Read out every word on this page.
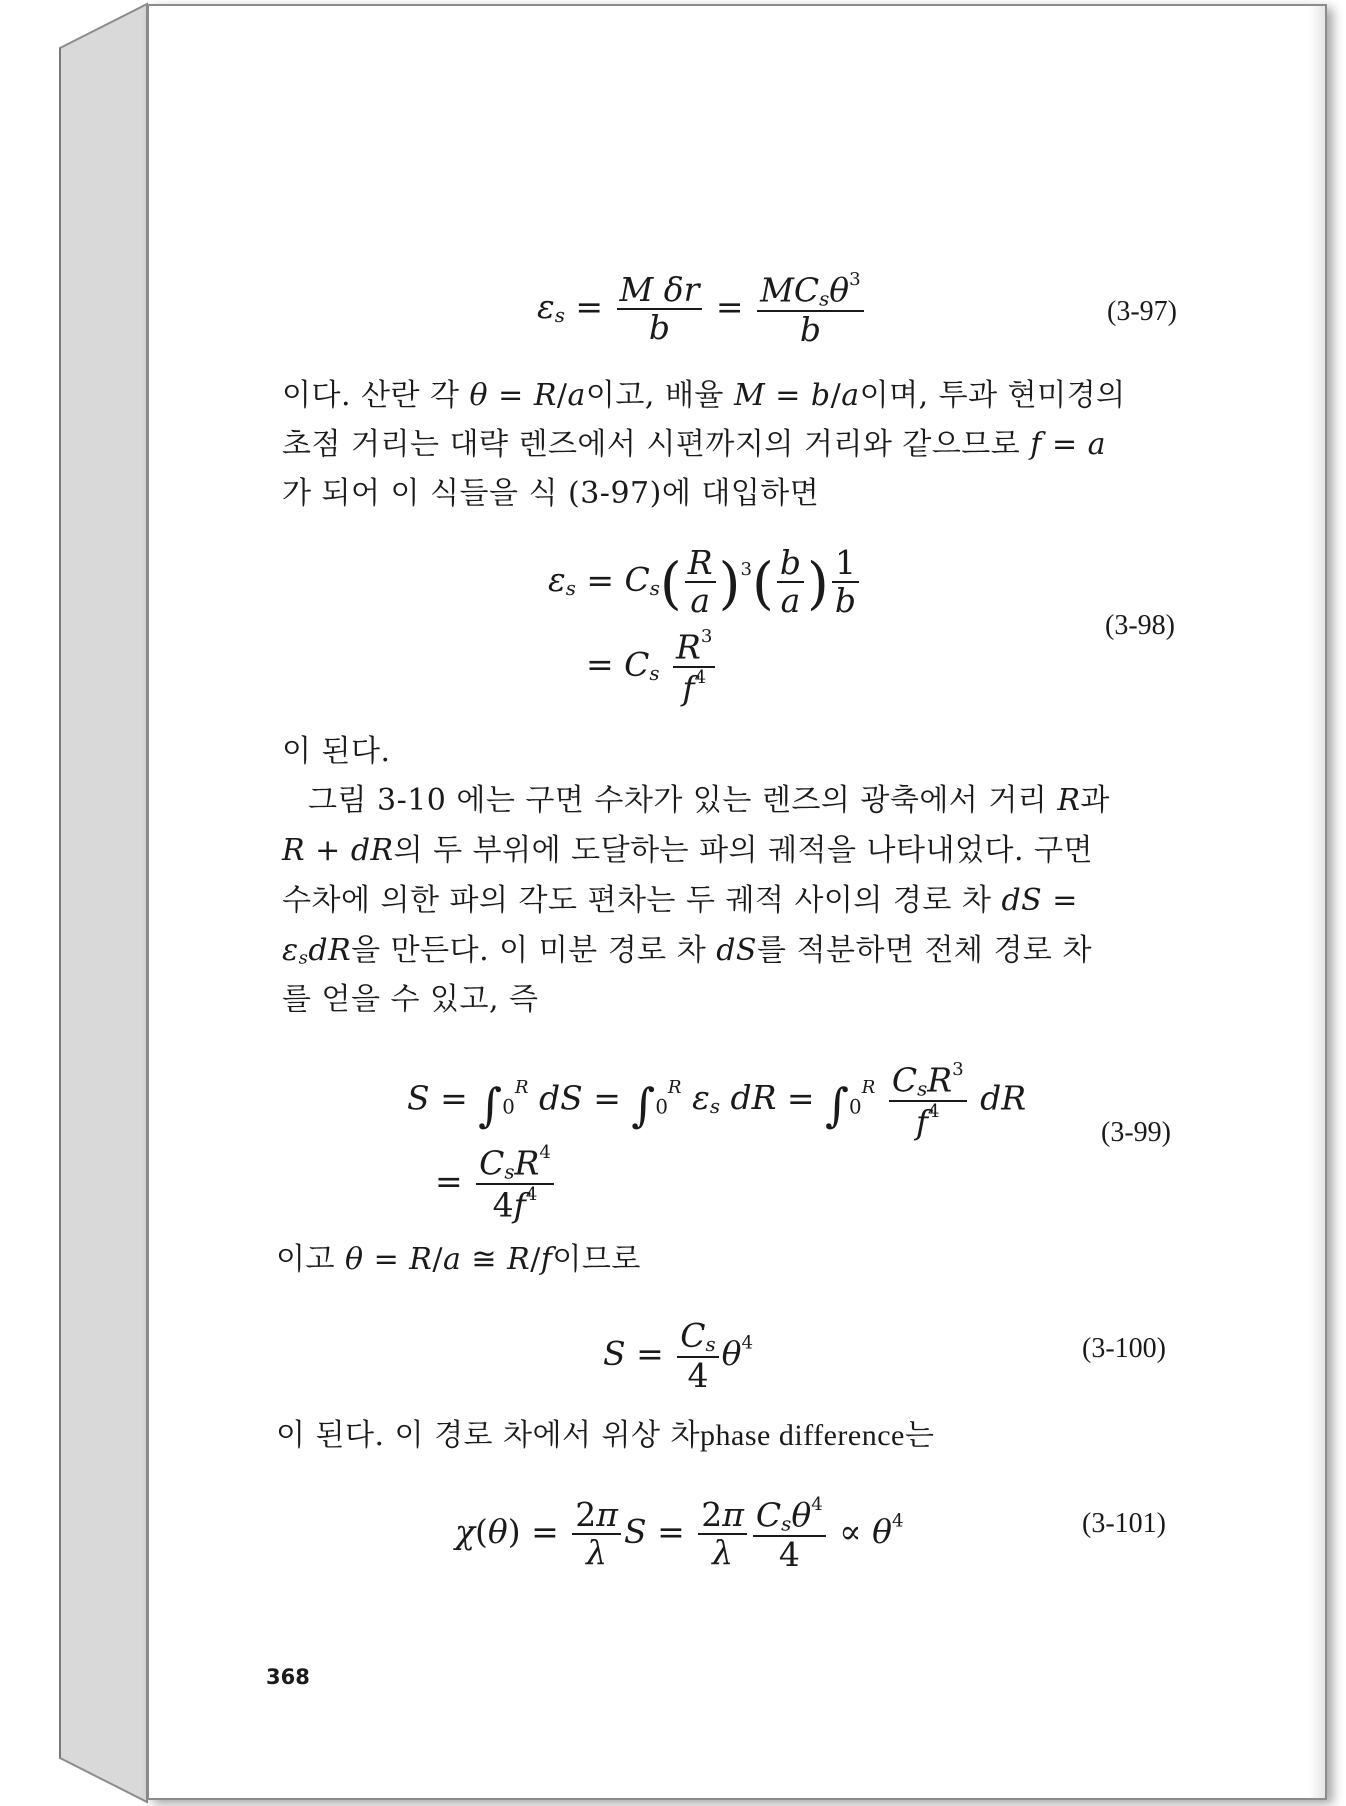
$\varepsilon_s = \frac{\text{M δr}}{b} = \frac{MC_s\theta^3}{b}$	(3-97)
이다. 산란 각 θ = R/a이고, 배율 M = b/a이며, 투과 현미경의
초점 거리는 대략 렌즈에서 시편까지의 거리와 같으므로 f = a
가 되어 이 식들을 식 (3-97)에 대입하면
$\varepsilon_s = C_s( \frac{R}{a} )^3( \frac{b}{a}$ ) $\frac{1}{b}$
= $C_s \frac{R^3}{f^4}$
(3-98)
이 된다.
그림 3-10 에는 구면 수차가 있는 렌즈의 광축에서 거리 R과
R + dR의 두 부위에 도달하는 파의 궤적을 나타내었다. 구면
수차에 의한 파의 각도 편차는 두 궤적 사이의 경로 차 dS =
$\varepsilon_sdR$을 만든다. 이 미분 경로 차 dS를 적분하면 전체 경로 차
를 얻을 수 있고, 즉
$S = \int_0^R$ dS = $\int_0^R$ $\varepsilon_s$ dR = $\int_0^R \frac{C_sR^3}{f^4}$ dR
= $\frac{C_sR^4}{4f^4}$
(3-99)
이고 θ = R/a ≅ R/f이므로
$S = \frac{C_s}{4} \theta^4$	(3-100)
이 된다. 이 경로 차에서 위상 차phase difference는
$\chi(\theta) = \frac{2\pi}{\lambda}$ $S = \frac{2\pi}{\lambda} \frac{C_s\theta^4}{4} \propto \theta^4$	(3-101)
368
